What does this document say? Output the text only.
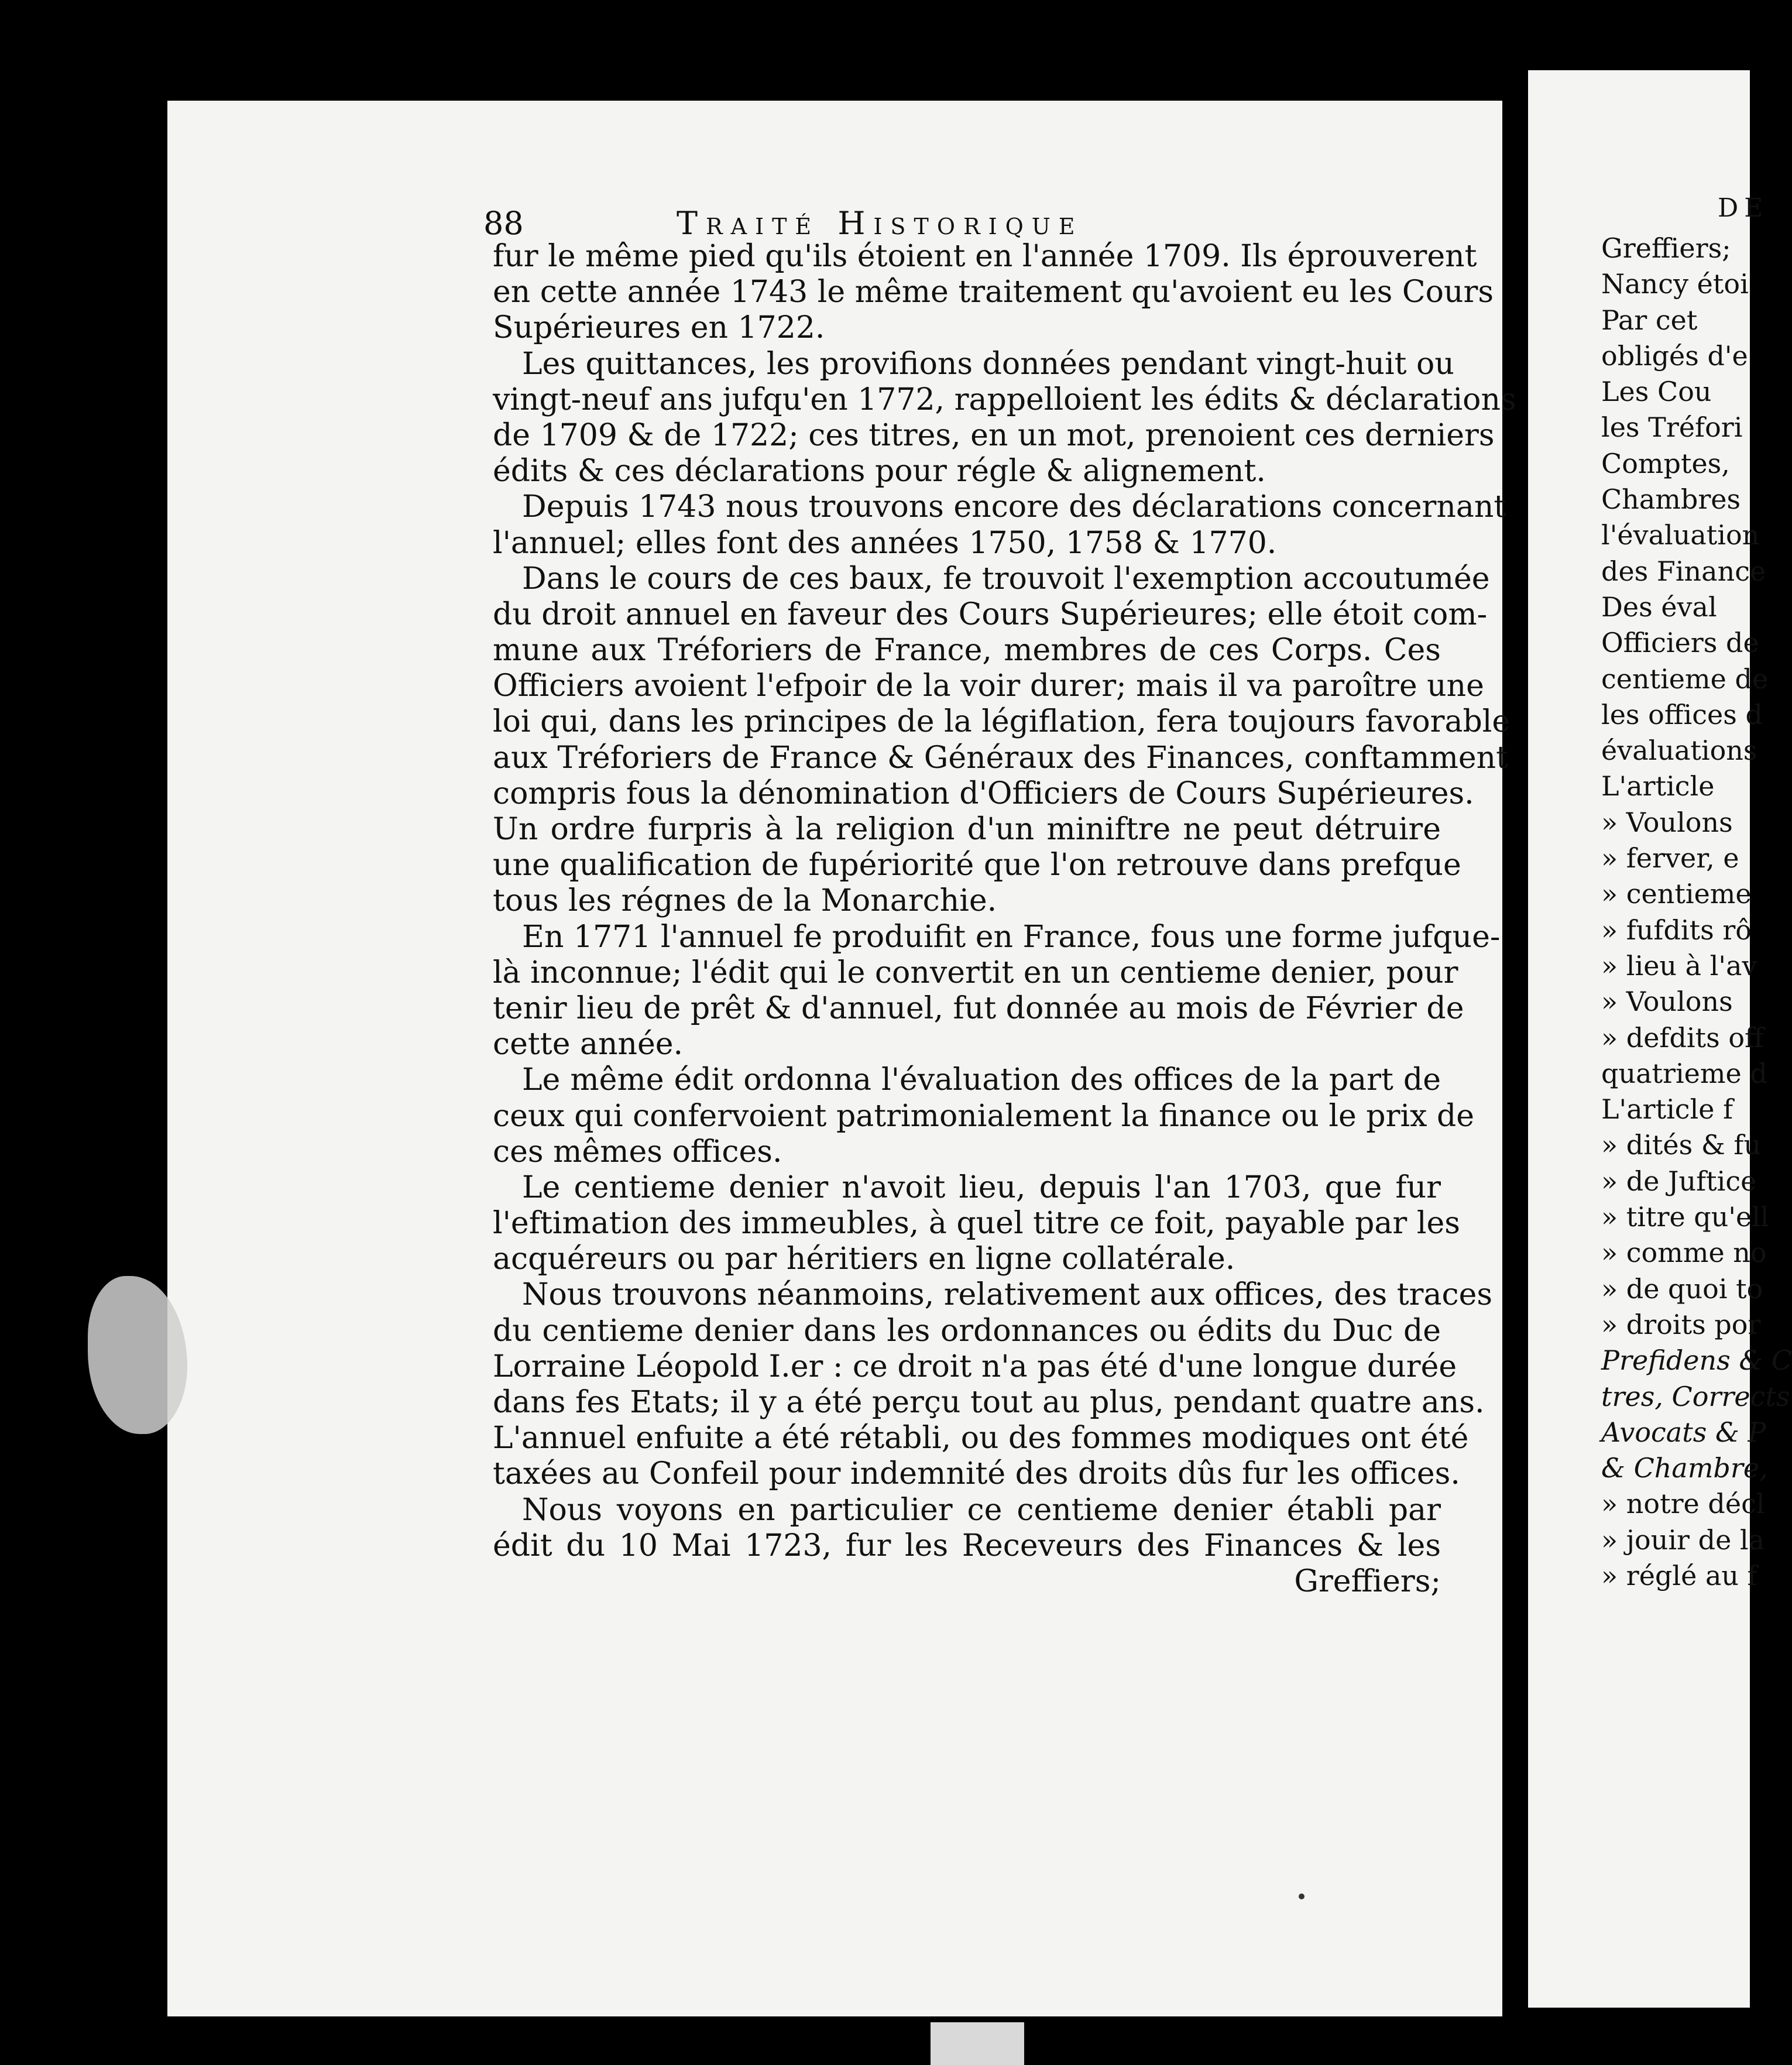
88	Traité Historique
fur le même pied qu'ils étoient en l'année 1709. Ils éprouverent
en cette année 1743 le même traitement qu'avoient eu les Cours
Supérieures en 1722.
Les quittances, les provifions données pendant vingt-huit ou
vingt-neuf ans jufqu'en 1772, rappelloient les édits & déclarations
de 1709 & de 1722; ces titres, en un mot, prenoient ces derniers
édits & ces déclarations pour régle & alignement.
Depuis 1743 nous trouvons encore des déclarations concernant
l'annuel; elles font des années 1750, 1758 & 1770.
Dans le cours de ces baux, fe trouvoit l'exemption accoutumée
du droit annuel en faveur des Cours Supérieures; elle étoit com-
mune aux Tréforiers de France, membres de ces Corps. Ces
Officiers avoient l'efpoir de la voir durer; mais il va paroître une
loi qui, dans les principes de la légiflation, fera toujours favorable
aux Tréforiers de France & Généraux des Finances, conftamment
compris fous la dénomination d'Officiers de Cours Supérieures.
Un ordre furpris à la religion d'un miniftre ne peut détruire
une qualification de fupériorité que l'on retrouve dans prefque
tous les régnes de la Monarchie.
En 1771 l'annuel fe produifit en France, fous une forme jufque-
là inconnue; l'édit qui le convertit en un centieme denier, pour
tenir lieu de prêt & d'annuel, fut donnée au mois de Février de
cette année.
Le même édit ordonna l'évaluation des offices de la part de
ceux qui confervoient patrimonialement la finance ou le prix de
ces mêmes offices.
Le centieme denier n'avoit lieu, depuis l'an 1703, que fur
l'eftimation des immeubles, à quel titre ce foit, payable par les
acquéreurs ou par héritiers en ligne collatérale.
Nous trouvons néanmoins, relativement aux offices, des traces
du centieme denier dans les ordonnances ou édits du Duc de
Lorraine Léopold I.er : ce droit n'a pas été d'une longue durée
dans fes Etats; il y a été perçu tout au plus, pendant quatre ans.
L'annuel enfuite a été rétabli, ou des fommes modiques ont été
taxées au Confeil pour indemnité des droits dûs fur les offices.
Nous voyons en particulier ce centieme denier établi par
édit du 10 Mai 1723, fur les Receveurs des Finances & les
Greffiers;
DE
Greffiers;
Nancy étoi
Par cet
obligés d'e
Les Cou
les Tréfori
Comptes,
Chambres
l'évaluation
des Finance
Des éval
Officiers de
centieme de
les offices d
évaluations
L'article
» Voulons
» ferver, e
» centieme
» fufdits rô
» lieu à l'av
» Voulons
» defdits off
quatrieme d
L'article f
» dités & fu
» de Juftice
» titre qu'ell
» comme no
» de quoi to
» droits por
Prefidens & C
tres, Corrects
Avocats & P
& Chambre,
» notre décl
» jouir de la
» réglé au f
